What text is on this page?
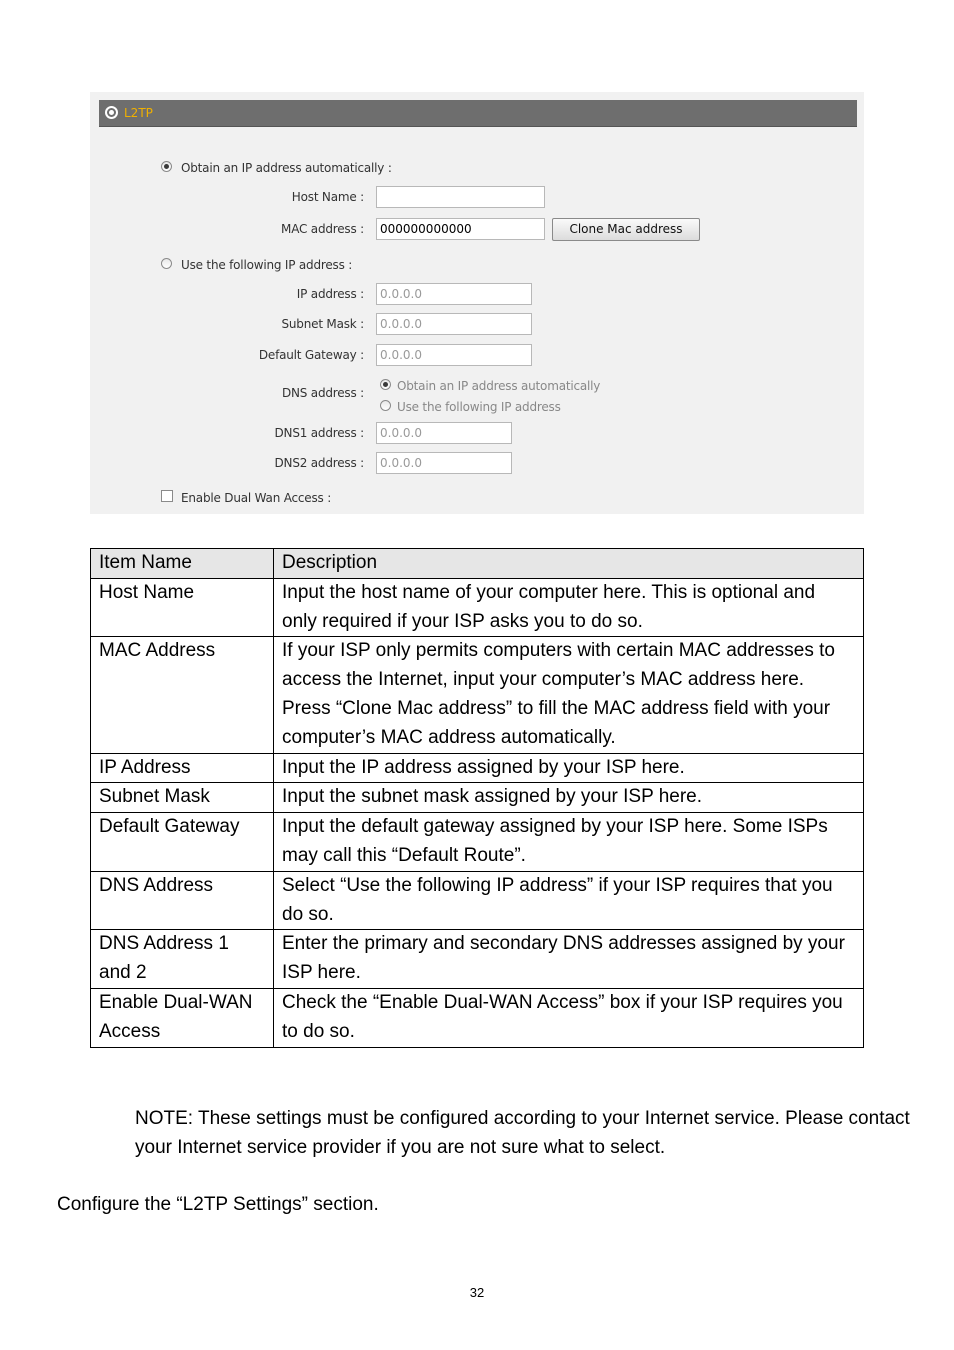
L2TP
Obtain an IP address automatically :
Host Name :
MAC address :	000000000000	Clone Mac address
Use the following IP address :
IP address :	0.0.0.0
Subnet Mask :	0.0.0.0
Default Gateway :	0.0.0.0
DNS address :	Obtain an IP address automatically
Use the following IP address
DNS1 address :	0.0.0.0
DNS2 address :	0.0.0.0
Enable Dual Wan Access :
Item Name	Description
Host Name	Input the host name of your computer here. This is optional and only required if your ISP asks you to do so.
MAC Address	If your ISP only permits computers with certain MAC addresses to access the Internet, input your computer’s MAC address here. Press “Clone Mac address” to fill the MAC address field with your computer’s MAC address automatically.
IP Address	Input the IP address assigned by your ISP here.
Subnet Mask	Input the subnet mask assigned by your ISP here.
Default Gateway	Input the default gateway assigned by your ISP here. Some ISPs may call this “Default Route”.
DNS Address	Select “Use the following IP address” if your ISP requires that you do so.
DNS Address 1 and 2	Enter the primary and secondary DNS addresses assigned by your ISP here.
Enable Dual-WAN Access	Check the “Enable Dual-WAN Access” box if your ISP requires you to do so.
NOTE: These settings must be configured according to your Internet service. Please contact your Internet service provider if you are not sure what to select.
Configure the “L2TP Settings” section.
32
